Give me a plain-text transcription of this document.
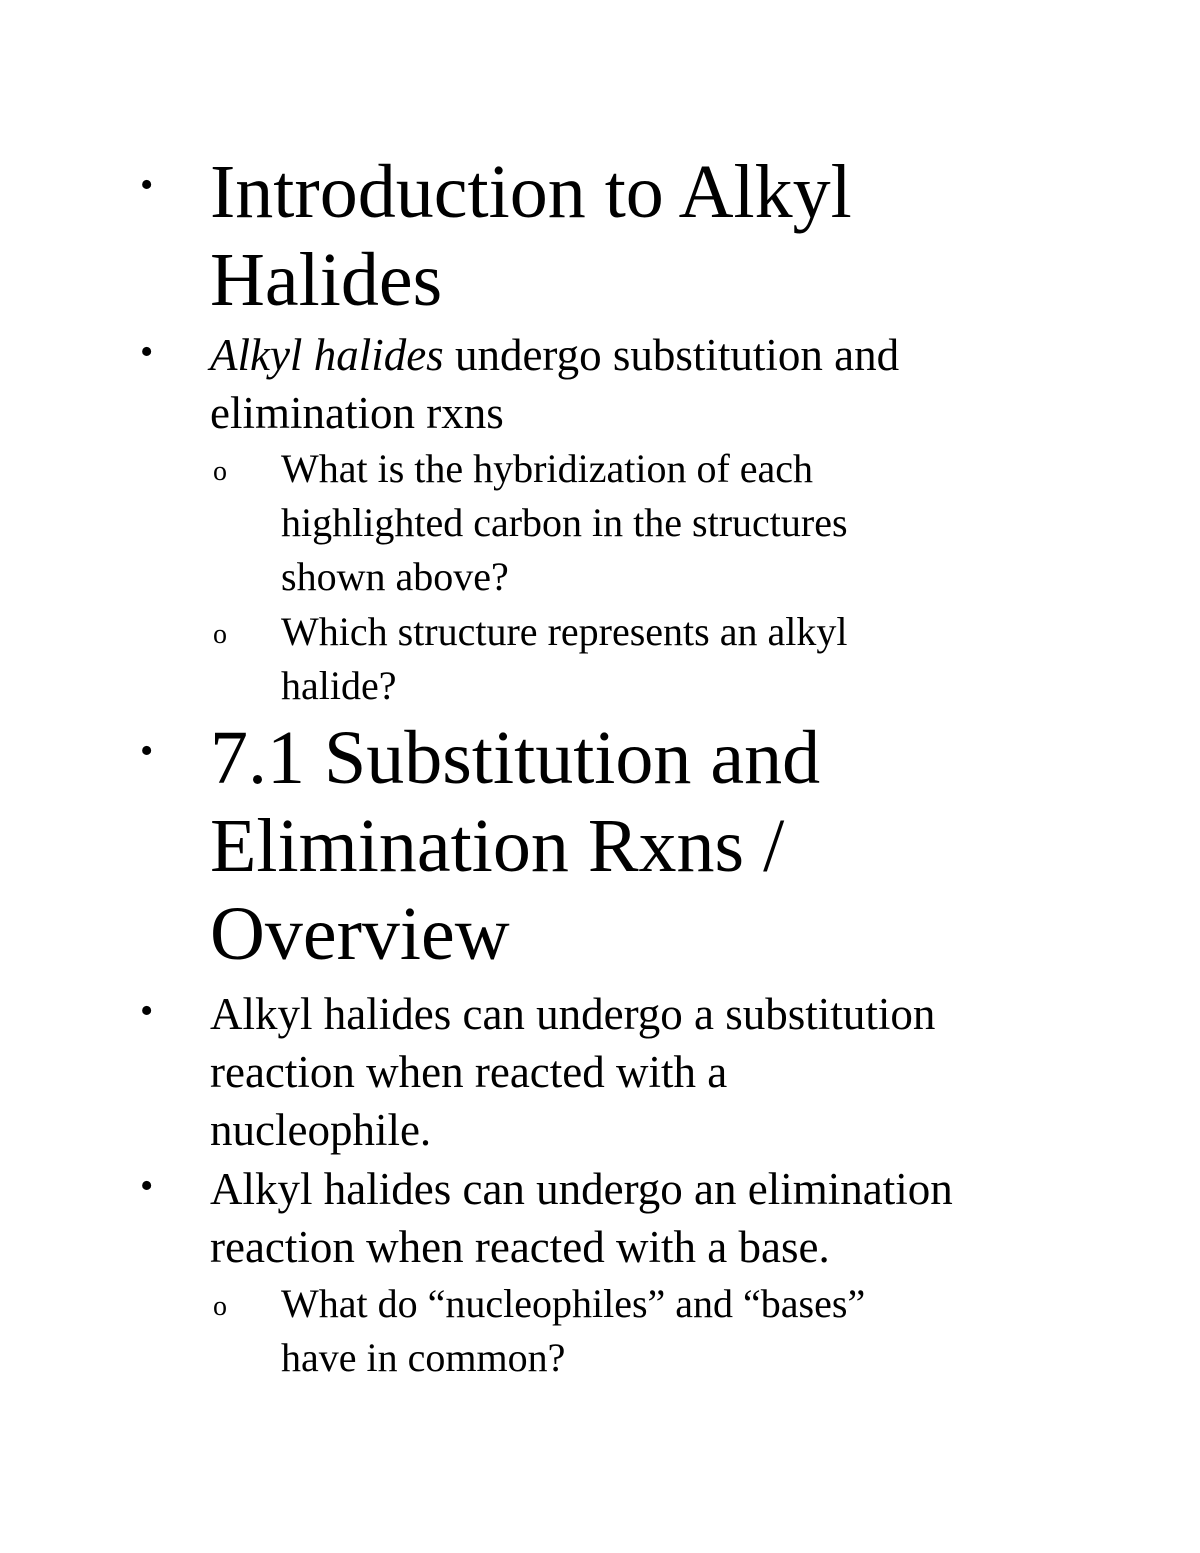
• Introduction to Alkyl
Halides
• Alkyl halides undergo substitution and
elimination rxns
o What is the hybridization of each
highlighted carbon in the structures
shown above?
o Which structure represents an alkyl
halide?
• 7.1 Substitution and
Elimination Rxns /
Overview
• Alkyl halides can undergo a substitution
reaction when reacted with a
nucleophile.
• Alkyl halides can undergo an elimination
reaction when reacted with a base.
o What do “nucleophiles” and “bases”
have in common?
